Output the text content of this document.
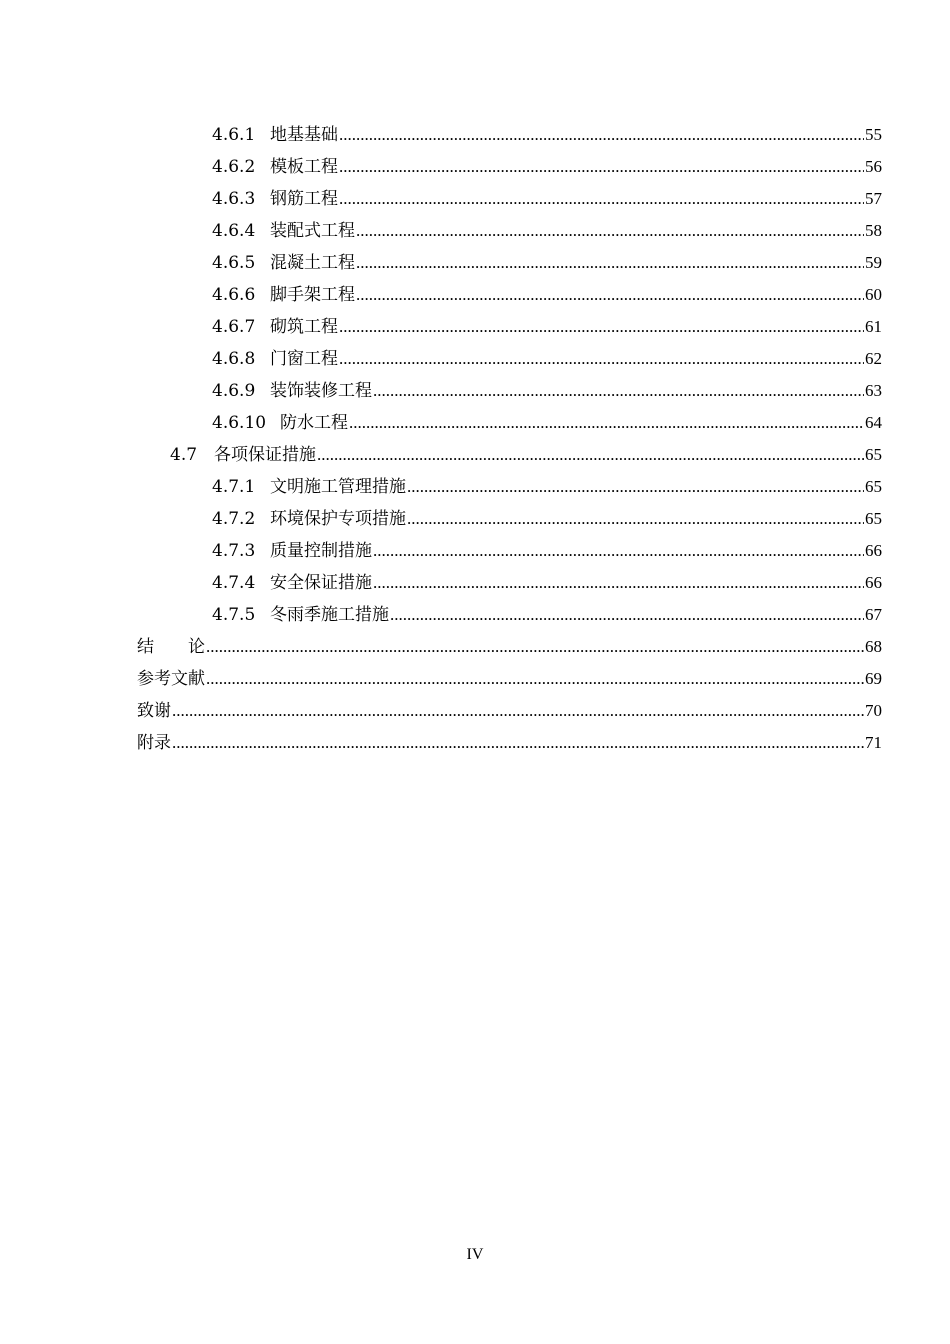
4.6.1 地基基础 .....	55
4.6.2 模板工程 .....	56
4.6.3 钢筋工程 .....	57
4.6.4 装配式工程 .....	58
4.6.5 混凝土工程 .....	59
4.6.6 脚手架工程 .....	60
4.6.7 砌筑工程 .....	61
4.6.8 门窗工程 .....	62
4.6.9 装饰装修工程 .....	63
4.6.10 防水工程 .....	64
4.7 各项保证措施 .....	65
4.7.1 文明施工管理措施 .....	65
4.7.2 环境保护专项措施 .....	65
4.7.3 质量控制措施 .....	66
4.7.4 安全保证措施 .....	66
4.7.5 冬雨季施工措施 .....	67
结　　论 .....	68
参考文献 .....	69
致谢 .....	70
附录 .....	71
IV
